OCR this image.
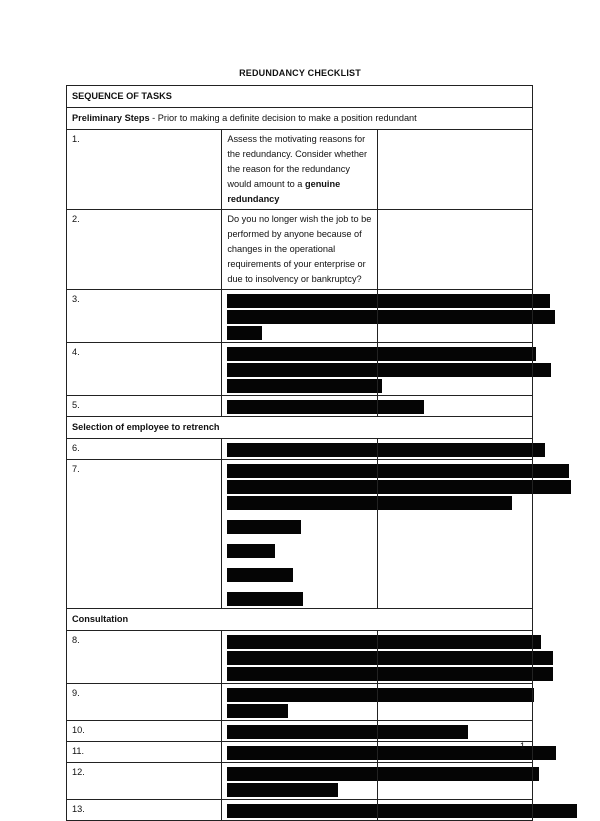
REDUNDANCY CHECKLIST
SEQUENCE OF TASKS		
Preliminary Steps - Prior to making a definite decision to make a position redundant		
1.	Assess the motivating reasons for the redundancy. Consider whether the reason for the redundancy would amount to a genuine redundancy	
2.	Do you no longer wish the job to be performed by anyone because of changes in the operational requirements of your enterprise or due to insolvency or bankruptcy?	
3.	

4.	

5.	

Selection of employee to retrench		
6.	

7.	

Consultation		
8.	

9.	

10.	

11.	

12.	

13.	

1
